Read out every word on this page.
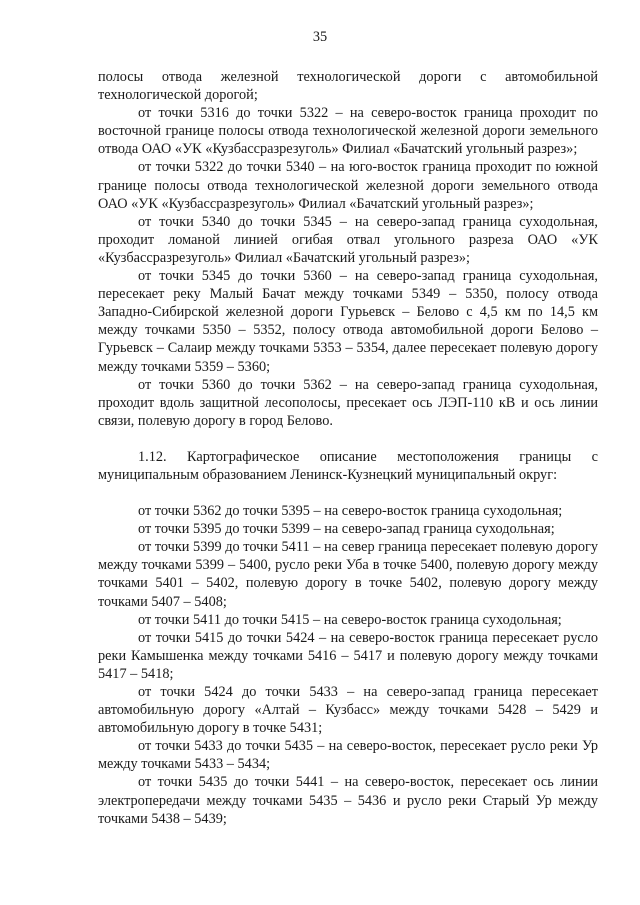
35

полосы отвода железной технологической дороги с автомобильной технологической дорогой;

от точки 5316 до точки 5322 – на северо-восток граница проходит по восточной границе полосы отвода технологической железной дороги земельного отвода ОАО «УК «Кузбассразрезуголь» Филиал «Бачатский угольный разрез»;

от точки 5322 до точки 5340 – на юго-восток граница проходит по южной границе полосы отвода технологической железной дороги земельного отвода ОАО «УК «Кузбассразрезуголь» Филиал «Бачатский угольный разрез»;

от точки 5340 до точки 5345 – на северо-запад граница суходольная, проходит ломаной линией огибая отвал угольного разреза ОАО «УК «Кузбассразрезуголь» Филиал «Бачатский угольный разрез»;

от точки 5345 до точки 5360 – на северо-запад граница суходольная, пересекает реку Малый Бачат между точками 5349 – 5350, полосу отвода Западно-Сибирской железной дороги Гурьевск – Белово с 4,5 км по 14,5 км между точками 5350 – 5352, полосу отвода автомобильной дороги Белово – Гурьевск – Салаир между точками 5353 – 5354, далее пересекает полевую дорогу между точками 5359 – 5360;

от точки 5360 до точки 5362 – на северо-запад граница суходольная, проходит вдоль защитной лесополосы, пресекает ось ЛЭП-110 кВ и ось линии связи, полевую дорогу в город Белово.

1.12. Картографическое описание местоположения границы с муниципальным образованием Ленинск-Кузнецкий муниципальный округ:

от точки 5362 до точки 5395 – на северо-восток граница суходольная;

от точки 5395 до точки 5399 – на северо-запад граница суходольная;

от точки 5399 до точки 5411 – на север граница пересекает полевую дорогу между точками 5399 – 5400, русло реки Уба в точке 5400, полевую дорогу между точками 5401 – 5402, полевую дорогу в точке 5402, полевую дорогу между точками 5407 – 5408;

от точки 5411 до точки 5415 – на северо-восток граница суходольная;

от точки 5415 до точки 5424 – на северо-восток граница пересекает русло реки Камышенка между точками 5416 – 5417 и полевую дорогу между точками 5417 – 5418;

от точки 5424 до точки 5433 – на северо-запад граница пересекает автомобильную дорогу «Алтай – Кузбасс» между точками 5428 – 5429 и автомобильную дорогу в точке 5431;

от точки 5433 до точки 5435 – на северо-восток, пересекает русло реки Ур между точками 5433 – 5434;

от точки 5435 до точки 5441 – на северо-восток, пересекает ось линии электропередачи между точками 5435 – 5436 и русло реки Старый Ур между точками 5438 – 5439;
